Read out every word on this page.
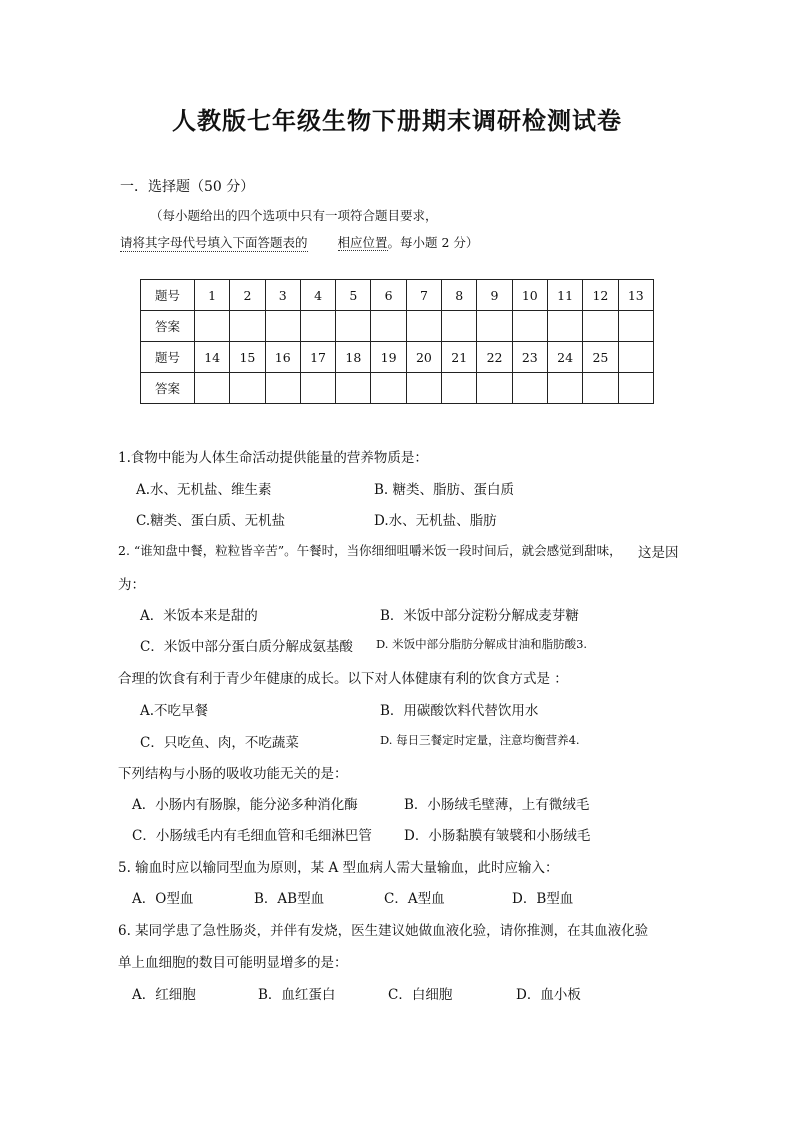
人教版七年级生物下册期末调研检测试卷
一．选择题（50 分）
（每小题给出的四个选项中只有一项符合题目要求，
请将其字母代号填入下面答题表的 相应位置。每小题 2 分）
题号	1	2	3	4	5	6	7	8	9	10	11	12	13
答案													
题号	14	15	16	17	18	19	20	21	22	23	24	25	
答案													
1.食物中能为人体生命活动提供能量的营养物质是：
A.水、无机盐、维生素	B. 糖类、脂肪、蛋白质
C.糖类、蛋白质、无机盐	D.水、无机盐、脂肪
2. “谁知盘中餐，粒粒皆辛苦”。午餐时，当你细细咀嚼米饭一段时间后，就会感觉到甜味， 这是因
为：
A．米饭本来是甜的	B．米饭中部分淀粉分解成麦芽糖
C．米饭中部分蛋白质分解成氨基酸 D. 米饭中部分脂肪分解成甘油和脂肪酸3.
合理的饮食有利于青少年健康的成长。以下对人体健康有利的饮食方式是 ：
A.不吃早餐	B．用碳酸饮料代替饮用水
C．只吃鱼、肉，不吃蔬菜	D. 每日三餐定时定量，注意均衡营养4.
下列结构与小肠的吸收功能无关的是：
A．小肠内有肠腺，能分泌多种消化酶	B．小肠绒毛壁薄，上有微绒毛
C．小肠绒毛内有毛细血管和毛细淋巴管 D．小肠黏膜有皱襞和小肠绒毛
5. 输血时应以输同型血为原则，某 A 型血病人需大量输血，此时应输入：
A．O型血	B．AB型血	C．A型血	D．B型血
6. 某同学患了急性肠炎，并伴有发烧，医生建议她做血液化验，请你推测，在其血液化验
单上血细胞的数目可能明显增多的是：
A．红细胞	B．血红蛋白	C．白细胞	D．血小板
